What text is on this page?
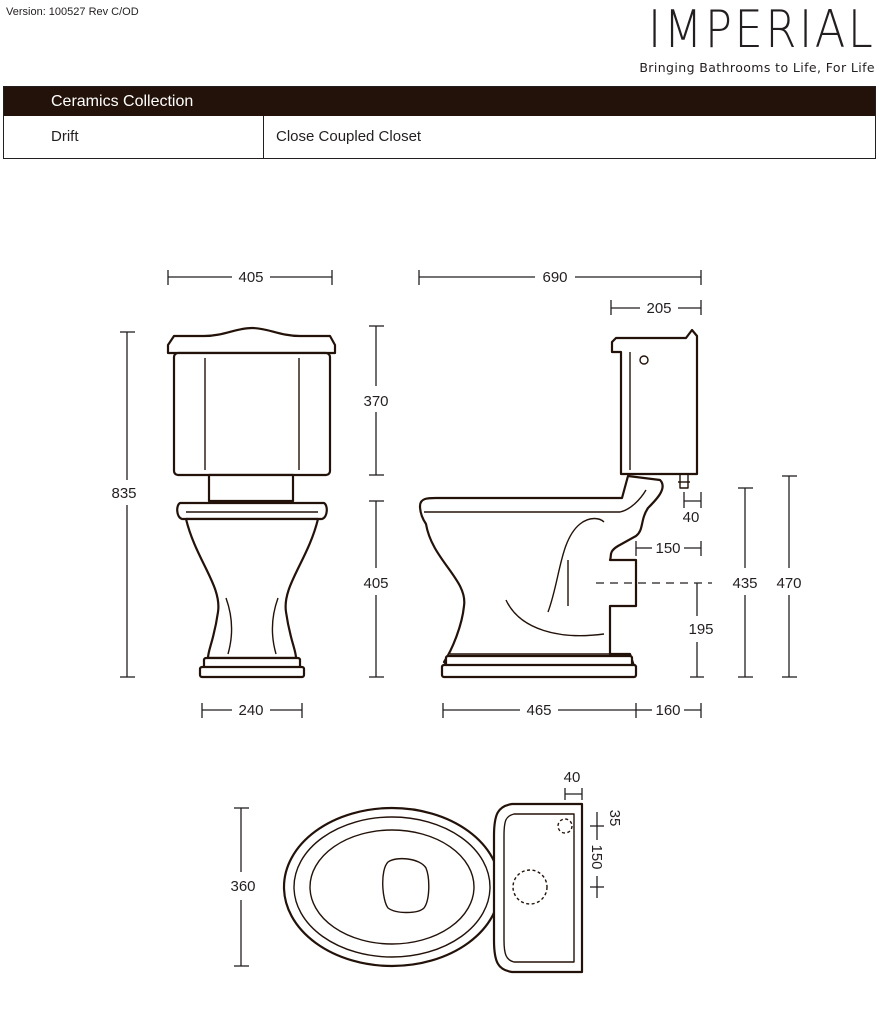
Version: 100527 Rev C/OD	IMPERIAL
Bringing Bathrooms to Life, For Life
Ceramics Collection
Drift	Close Coupled Closet
405
835
240
370
405
690
205
40
150
195
435 470
465	160
360
40
35
150
